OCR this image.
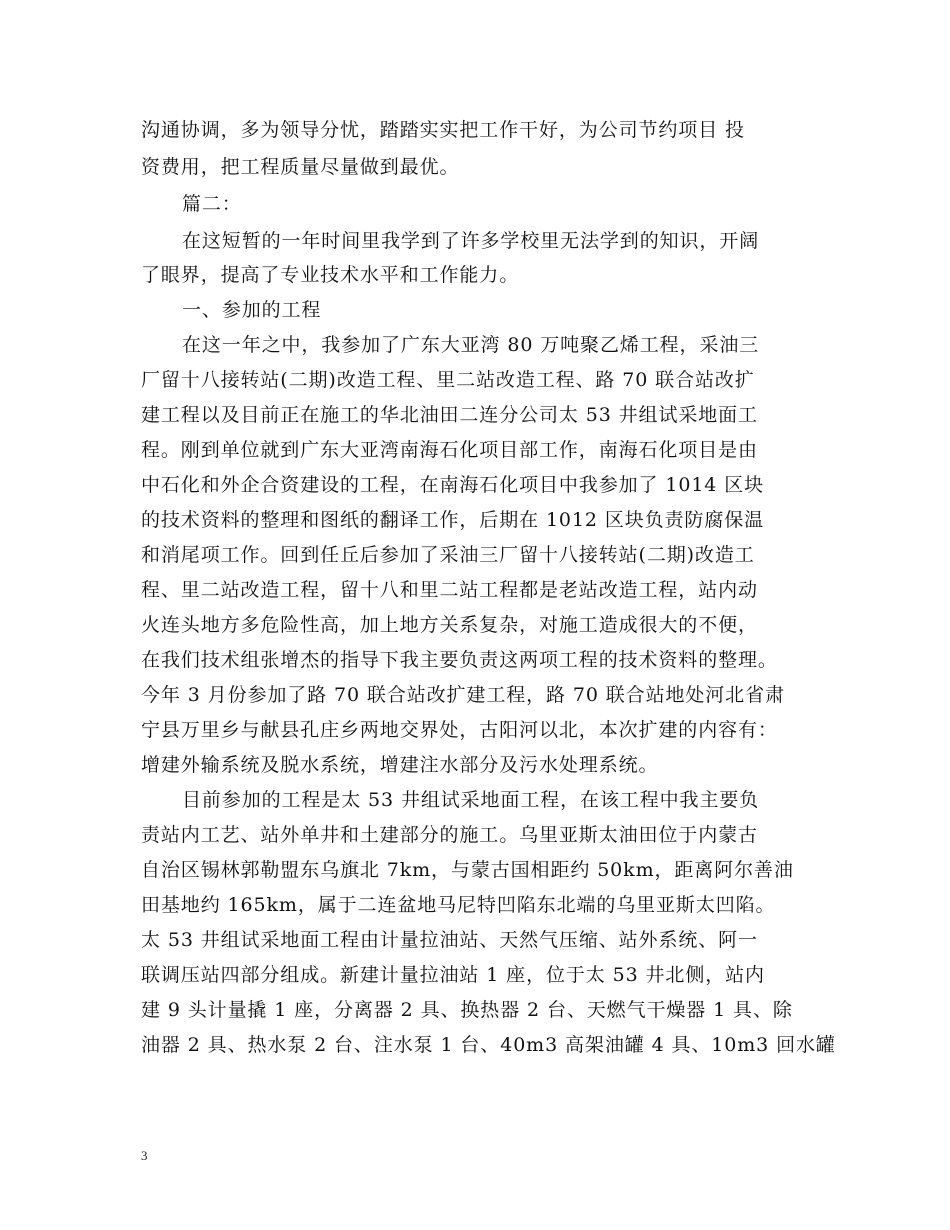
沟通协调，多为领导分忧，踏踏实实把工作干好，为公司节约项目 投
资费用，把工程质量尽量做到最优。
篇二：
在这短暂的一年时间里我学到了许多学校里无法学到的知识，开阔
了眼界，提高了专业技术水平和工作能力。
一、参加的工程
在这一年之中，我参加了广东大亚湾 80 万吨聚乙烯工程，采油三
厂留十八接转站(二期)改造工程、里二站改造工程、路 70 联合站改扩
建工程以及目前正在施工的华北油田二连分公司太 53 井组试采地面工
程。刚到单位就到广东大亚湾南海石化项目部工作，南海石化项目是由
中石化和外企合资建设的工程，在南海石化项目中我参加了 1014 区块
的技术资料的整理和图纸的翻译工作，后期在 1012 区块负责防腐保温
和消尾项工作。回到任丘后参加了采油三厂留十八接转站(二期)改造工
程、里二站改造工程，留十八和里二站工程都是老站改造工程，站内动
火连头地方多危险性高，加上地方关系复杂，对施工造成很大的不便，
在我们技术组张增杰的指导下我主要负责这两项工程的技术资料的整理。
今年 3 月份参加了路 70 联合站改扩建工程，路 70 联合站地处河北省肃
宁县万里乡与献县孔庄乡两地交界处，古阳河以北，本次扩建的内容有：
增建外输系统及脱水系统，增建注水部分及污水处理系统。
目前参加的工程是太 53 井组试采地面工程，在该工程中我主要负
责站内工艺、站外单井和土建部分的施工。乌里亚斯太油田位于内蒙古
自治区锡林郭勒盟东乌旗北 7km，与蒙古国相距约 50km，距离阿尔善油
田基地约 165km，属于二连盆地马尼特凹陷东北端的乌里亚斯太凹陷。
太 53 井组试采地面工程由计量拉油站、天然气压缩、站外系统、阿一
联调压站四部分组成。新建计量拉油站 1 座，位于太 53 井北侧，站内
建 9 头计量撬 1 座，分离器 2 具、换热器 2 台、天燃气干燥器 1 具、除
油器 2 具、热水泵 2 台、注水泵 1 台、40m3 高架油罐 4 具、10m3 回水罐
3
